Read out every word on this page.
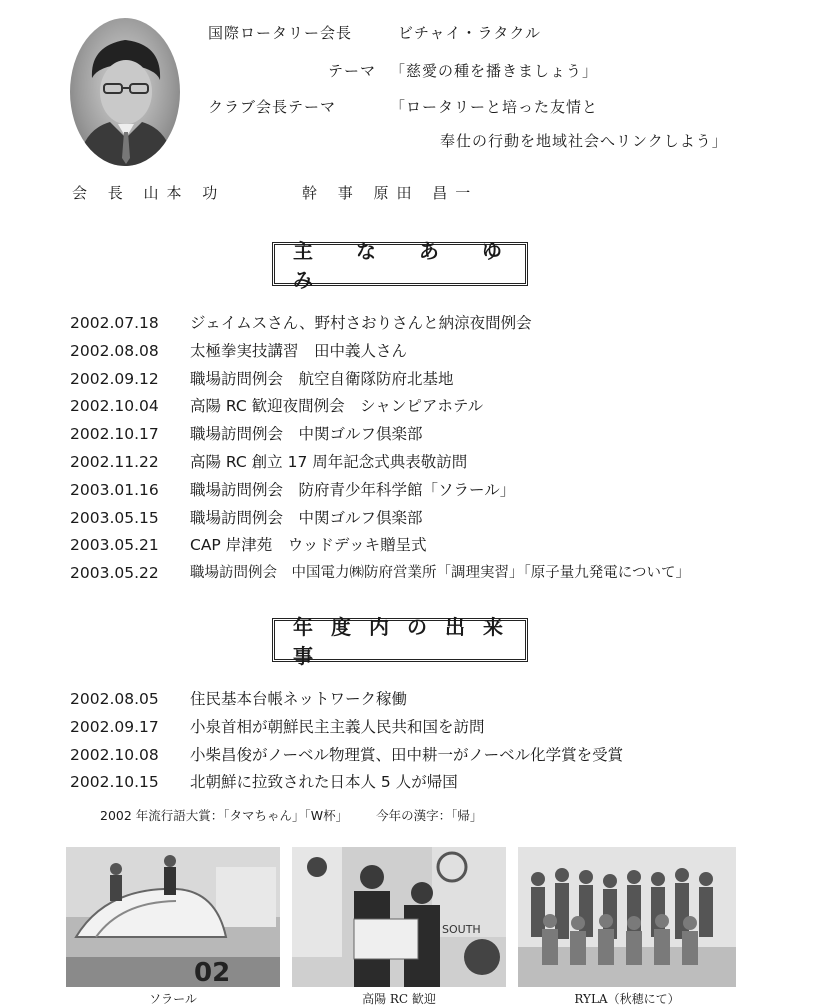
国際ロータリー会長	ビチャイ・ラタクル
テーマ 「慈愛の種を播きましょう」
クラブ会長テーマ	「ロータリーと培った友情と
奉仕の行動を地域社会へリンクしよう」
会 長 山本 功	幹 事 原田 昌一
主 な あ ゆ み
2002.07.18	ジェイムスさん、野村さおりさんと納涼夜間例会
2002.08.08	太極拳実技講習　田中義人さん
2002.09.12	職場訪問例会　航空自衛隊防府北基地
2002.10.04	高陽 RC 歓迎夜間例会　シャンピアホテル
2002.10.17	職場訪問例会　中関ゴルフ倶楽部
2002.11.22	高陽 RC 創立 17 周年記念式典表敬訪問
2003.01.16	職場訪問例会　防府青少年科学館「ソラール」
2003.05.15	職場訪問例会　中関ゴルフ倶楽部
2003.05.21	CAP 岸津苑　ウッドデッキ贈呈式
2003.05.22	職場訪問例会　中国電力㈱防府営業所「調理実習」「原子量九発電について」
年度内の出来事
2002.08.05	住民基本台帳ネットワーク稼働
2002.09.17	小泉首相が朝鮮民主主義人民共和国を訪問
2002.10.08	小柴昌俊がノーベル物理賞、田中耕一がノーベル化学賞を受賞
2002.10.15	北朝鮮に拉致された日本人 5 人が帰国
2002 年流行語大賞：「タマちゃん」「W杯」 今年の漢字：「帰」
02
ソラール
SOUTH
高陽 RC 歓迎	RYLA（秋穂にて）
